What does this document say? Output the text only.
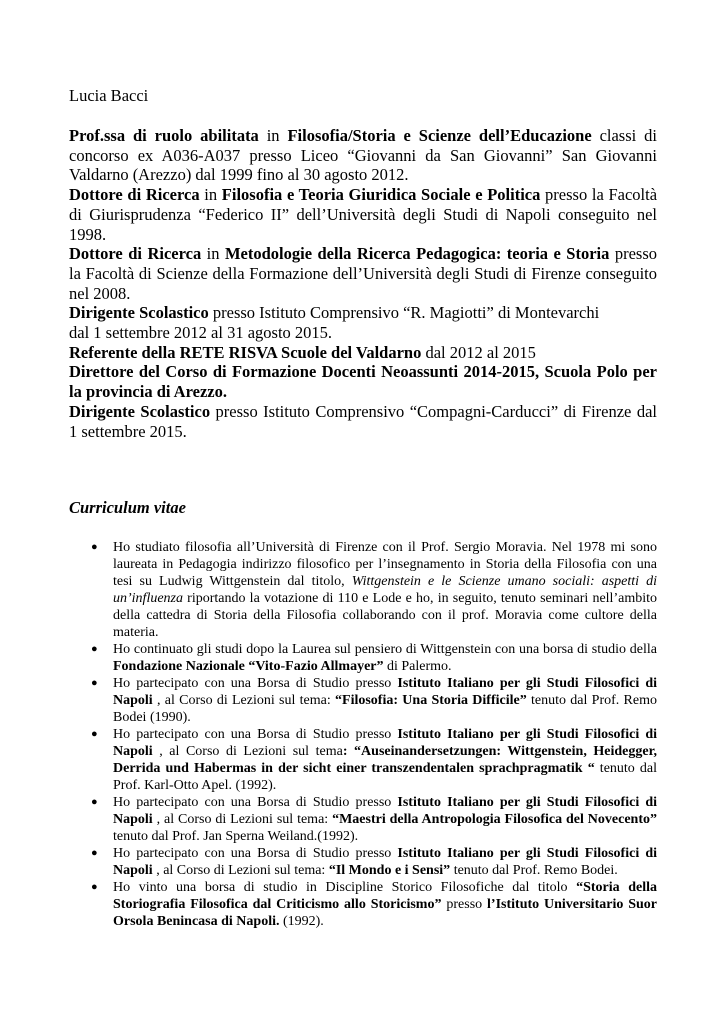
Lucia Bacci

Prof.ssa di ruolo abilitata in Filosofia/Storia e Scienze dell’Educazione classi di concorso ex A036-A037 presso Liceo “Giovanni da San Giovanni” San Giovanni Valdarno (Arezzo) dal 1999 fino al 30 agosto 2012.

Dottore di Ricerca in Filosofia e Teoria Giuridica Sociale e Politica presso la Facoltà di Giurisprudenza “Federico II” dell’Università degli Studi di Napoli conseguito nel 1998.

Dottore di Ricerca in Metodologie della Ricerca Pedagogica: teoria e Storia presso la Facoltà di Scienze della Formazione dell’Università degli Studi di Firenze conseguito nel 2008.

Dirigente Scolastico presso Istituto Comprensivo “R. Magiotti” di Montevarchi
dal 1 settembre 2012 al 31 agosto 2015.

Referente della RETE RISVA Scuole del Valdarno dal 2012 al 2015

Direttore del Corso di Formazione Docenti Neoassunti 2014-2015, Scuola Polo per la provincia di Arezzo.

Dirigente Scolastico presso Istituto Comprensivo “Compagni-Carducci” di Firenze dal 1 settembre 2015.

Curriculum vitae
● Ho studiato filosofia all’Università di Firenze con il Prof. Sergio Moravia. Nel 1978 mi sono laureata in Pedagogia indirizzo filosofico per l’insegnamento in Storia della Filosofia con una tesi su Ludwig Wittgenstein dal titolo, Wittgenstein e le Scienze umano sociali: aspetti di un’influenza riportando la votazione di 110 e Lode e ho, in seguito, tenuto seminari nell’ambito della cattedra di Storia della Filosofia collaborando con il prof. Moravia come cultore della materia.
● Ho continuato gli studi dopo la Laurea sul pensiero di Wittgenstein con una borsa di studio della Fondazione Nazionale “Vito-Fazio Allmayer” di Palermo.
● Ho partecipato con una Borsa di Studio presso Istituto Italiano per gli Studi Filosofici di Napoli , al Corso di Lezioni sul tema: “Filosofia: Una Storia Difficile” tenuto dal Prof. Remo Bodei (1990).
● Ho partecipato con una Borsa di Studio presso Istituto Italiano per gli Studi Filosofici di Napoli , al Corso di Lezioni sul tema: “Auseinandersetzungen: Wittgenstein, Heidegger, Derrida und Habermas in der sicht einer transzendentalen sprachpragmatik “ tenuto dal Prof. Karl-Otto Apel. (1992).
● Ho partecipato con una Borsa di Studio presso Istituto Italiano per gli Studi Filosofici di Napoli , al Corso di Lezioni sul tema: “Maestri della Antropologia Filosofica del Novecento” tenuto dal Prof. Jan Sperna Weiland.(1992).
● Ho partecipato con una Borsa di Studio presso Istituto Italiano per gli Studi Filosofici di Napoli , al Corso di Lezioni sul tema: “Il Mondo e i Sensi” tenuto dal Prof. Remo Bodei.
● Ho vinto una borsa di studio in Discipline Storico Filosofiche dal titolo “Storia della Storiografia Filosofica dal Criticismo allo Storicismo” presso l’Istituto Universitario Suor Orsola Benincasa di Napoli. (1992).
